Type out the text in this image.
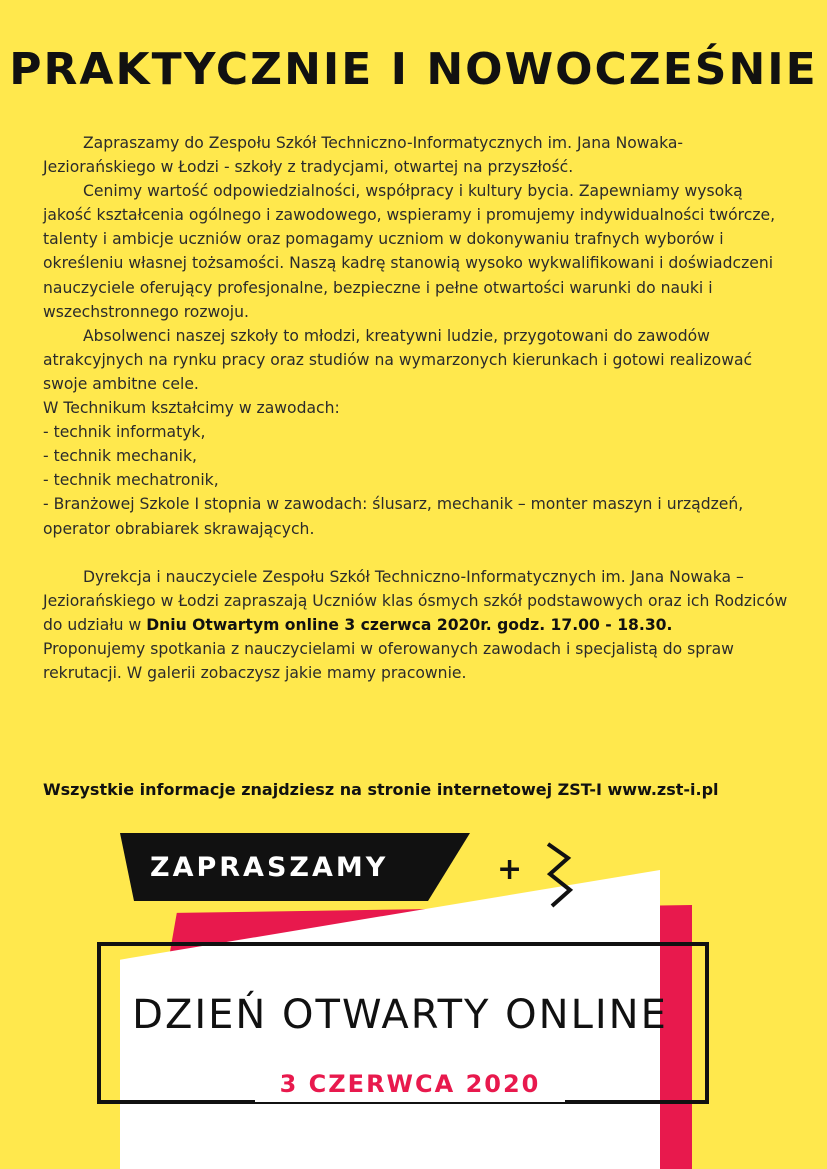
PRAKTYCZNIE I NOWOCZEŚNIE

Zapraszamy do Zespołu Szkół Techniczno-Informatycznych im. Jana Nowaka-Jeziorańskiego w Łodzi - szkoły z tradycjami, otwartej na przyszłość.

Cenimy wartość odpowiedzialności, współpracy i kultury bycia. Zapewniamy wysoką jakość kształcenia ogólnego i zawodowego, wspieramy i promujemy indywidualności twórcze, talenty i ambicje uczniów oraz pomagamy uczniom w dokonywaniu trafnych wyborów i określeniu własnej tożsamości. Naszą kadrę stanowią wysoko wykwalifikowani i doświadczeni nauczyciele oferujący profesjonalne, bezpieczne i pełne otwartości warunki do nauki i wszechstronnego rozwoju.

Absolwenci naszej szkoły to młodzi, kreatywni ludzie, przygotowani do zawodów atrakcyjnych na rynku pracy oraz studiów na wymarzonych kierunkach i gotowi realizować swoje ambitne cele.

W Technikum kształcimy w zawodach:

- technik informatyk,

- technik mechanik,

- technik mechatronik,

- Branżowej Szkole I stopnia w zawodach: ślusarz, mechanik – monter maszyn i urządzeń, operator obrabiarek skrawających.

Dyrekcja i nauczyciele Zespołu Szkół Techniczno-Informatycznych im. Jana Nowaka – Jeziorańskiego w Łodzi zapraszają Uczniów klas ósmych szkół podstawowych oraz ich Rodziców do udziału w Dniu Otwartym online 3 czerwca 2020r. godz. 17.00 - 18.30.

Proponujemy spotkania z nauczycielami w oferowanych zawodach i specjalistą do spraw rekrutacji. W galerii zobaczysz jakie mamy pracownie.

Wszystkie informacje znajdziesz na stronie internetowej ZST-I www.zst-i.pl
ZAPRASZAMY	+
DZIEŃ OTWARTY ONLINE
3 CZERWCA 2020
